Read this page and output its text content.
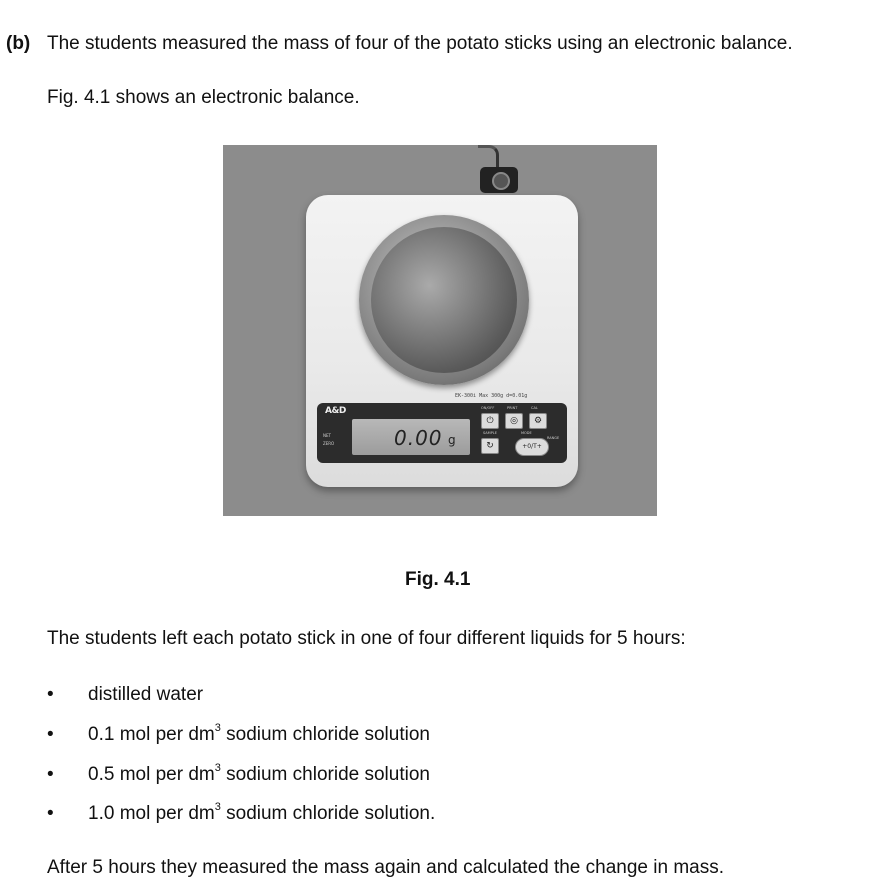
(b) The students measured the mass of four of the potato sticks using an electronic balance.
Fig. 4.1 shows an electronic balance.
EK-300i Max 300g d=0.01g
A&D
NET
ZERO	0.00 g
ON/OFF	PRINT	CAL
⏻	◎	⚙
SAMPLE	MODE
RANGE
↻	+0/T+
Fig. 4.1
The students left each potato stick in one of four different liquids for 5 hours:
• distilled water
• 0.1 mol per $dm^3$ sodium chloride solution
• 0.5 mol per $dm^3$ sodium chloride solution
• 1.0 mol per $dm^3$ sodium chloride solution.
After 5 hours they measured the mass again and calculated the change in mass.
